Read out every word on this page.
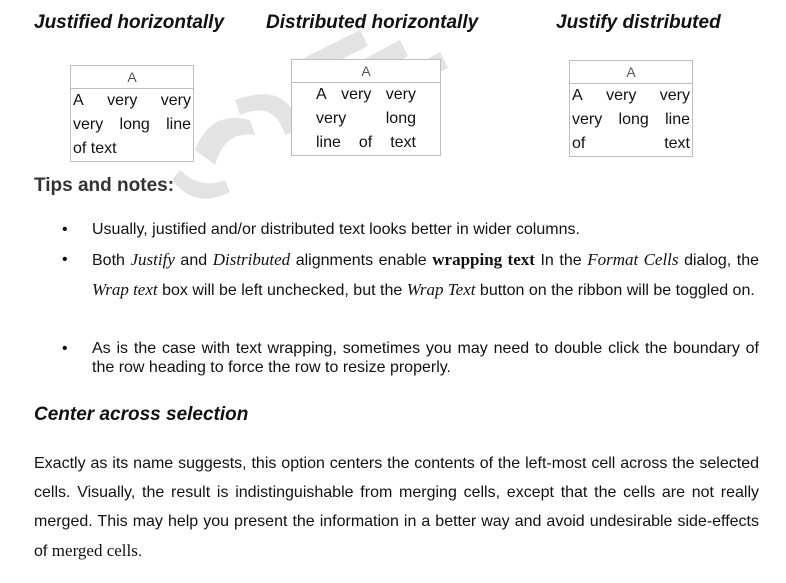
Justified horizontally Distributed horizontally	Justify distributed
A
A very very
very long line
of text
A
A very very
very long
line of text
A
A very very
very long line
of	text
Tips and notes:
• Usually, justified and/or distributed text looks better in wider columns.
• Both Justify and Distributed alignments enable wrapping text In the Format Cells dialog, the Wrap text box will be left unchecked, but the Wrap Text button on the ribbon will be toggled on.
• As is the case with text wrapping, sometimes you may need to double click the boundary of the row heading to force the row to resize properly.
Center across selection
Exactly as its name suggests, this option centers the contents of the left-most cell across the selected cells. Visually, the result is indistinguishable from merging cells, except that the cells are not really merged. This may help you present the information in a better way and avoid undesirable side-effects of merged cells.
